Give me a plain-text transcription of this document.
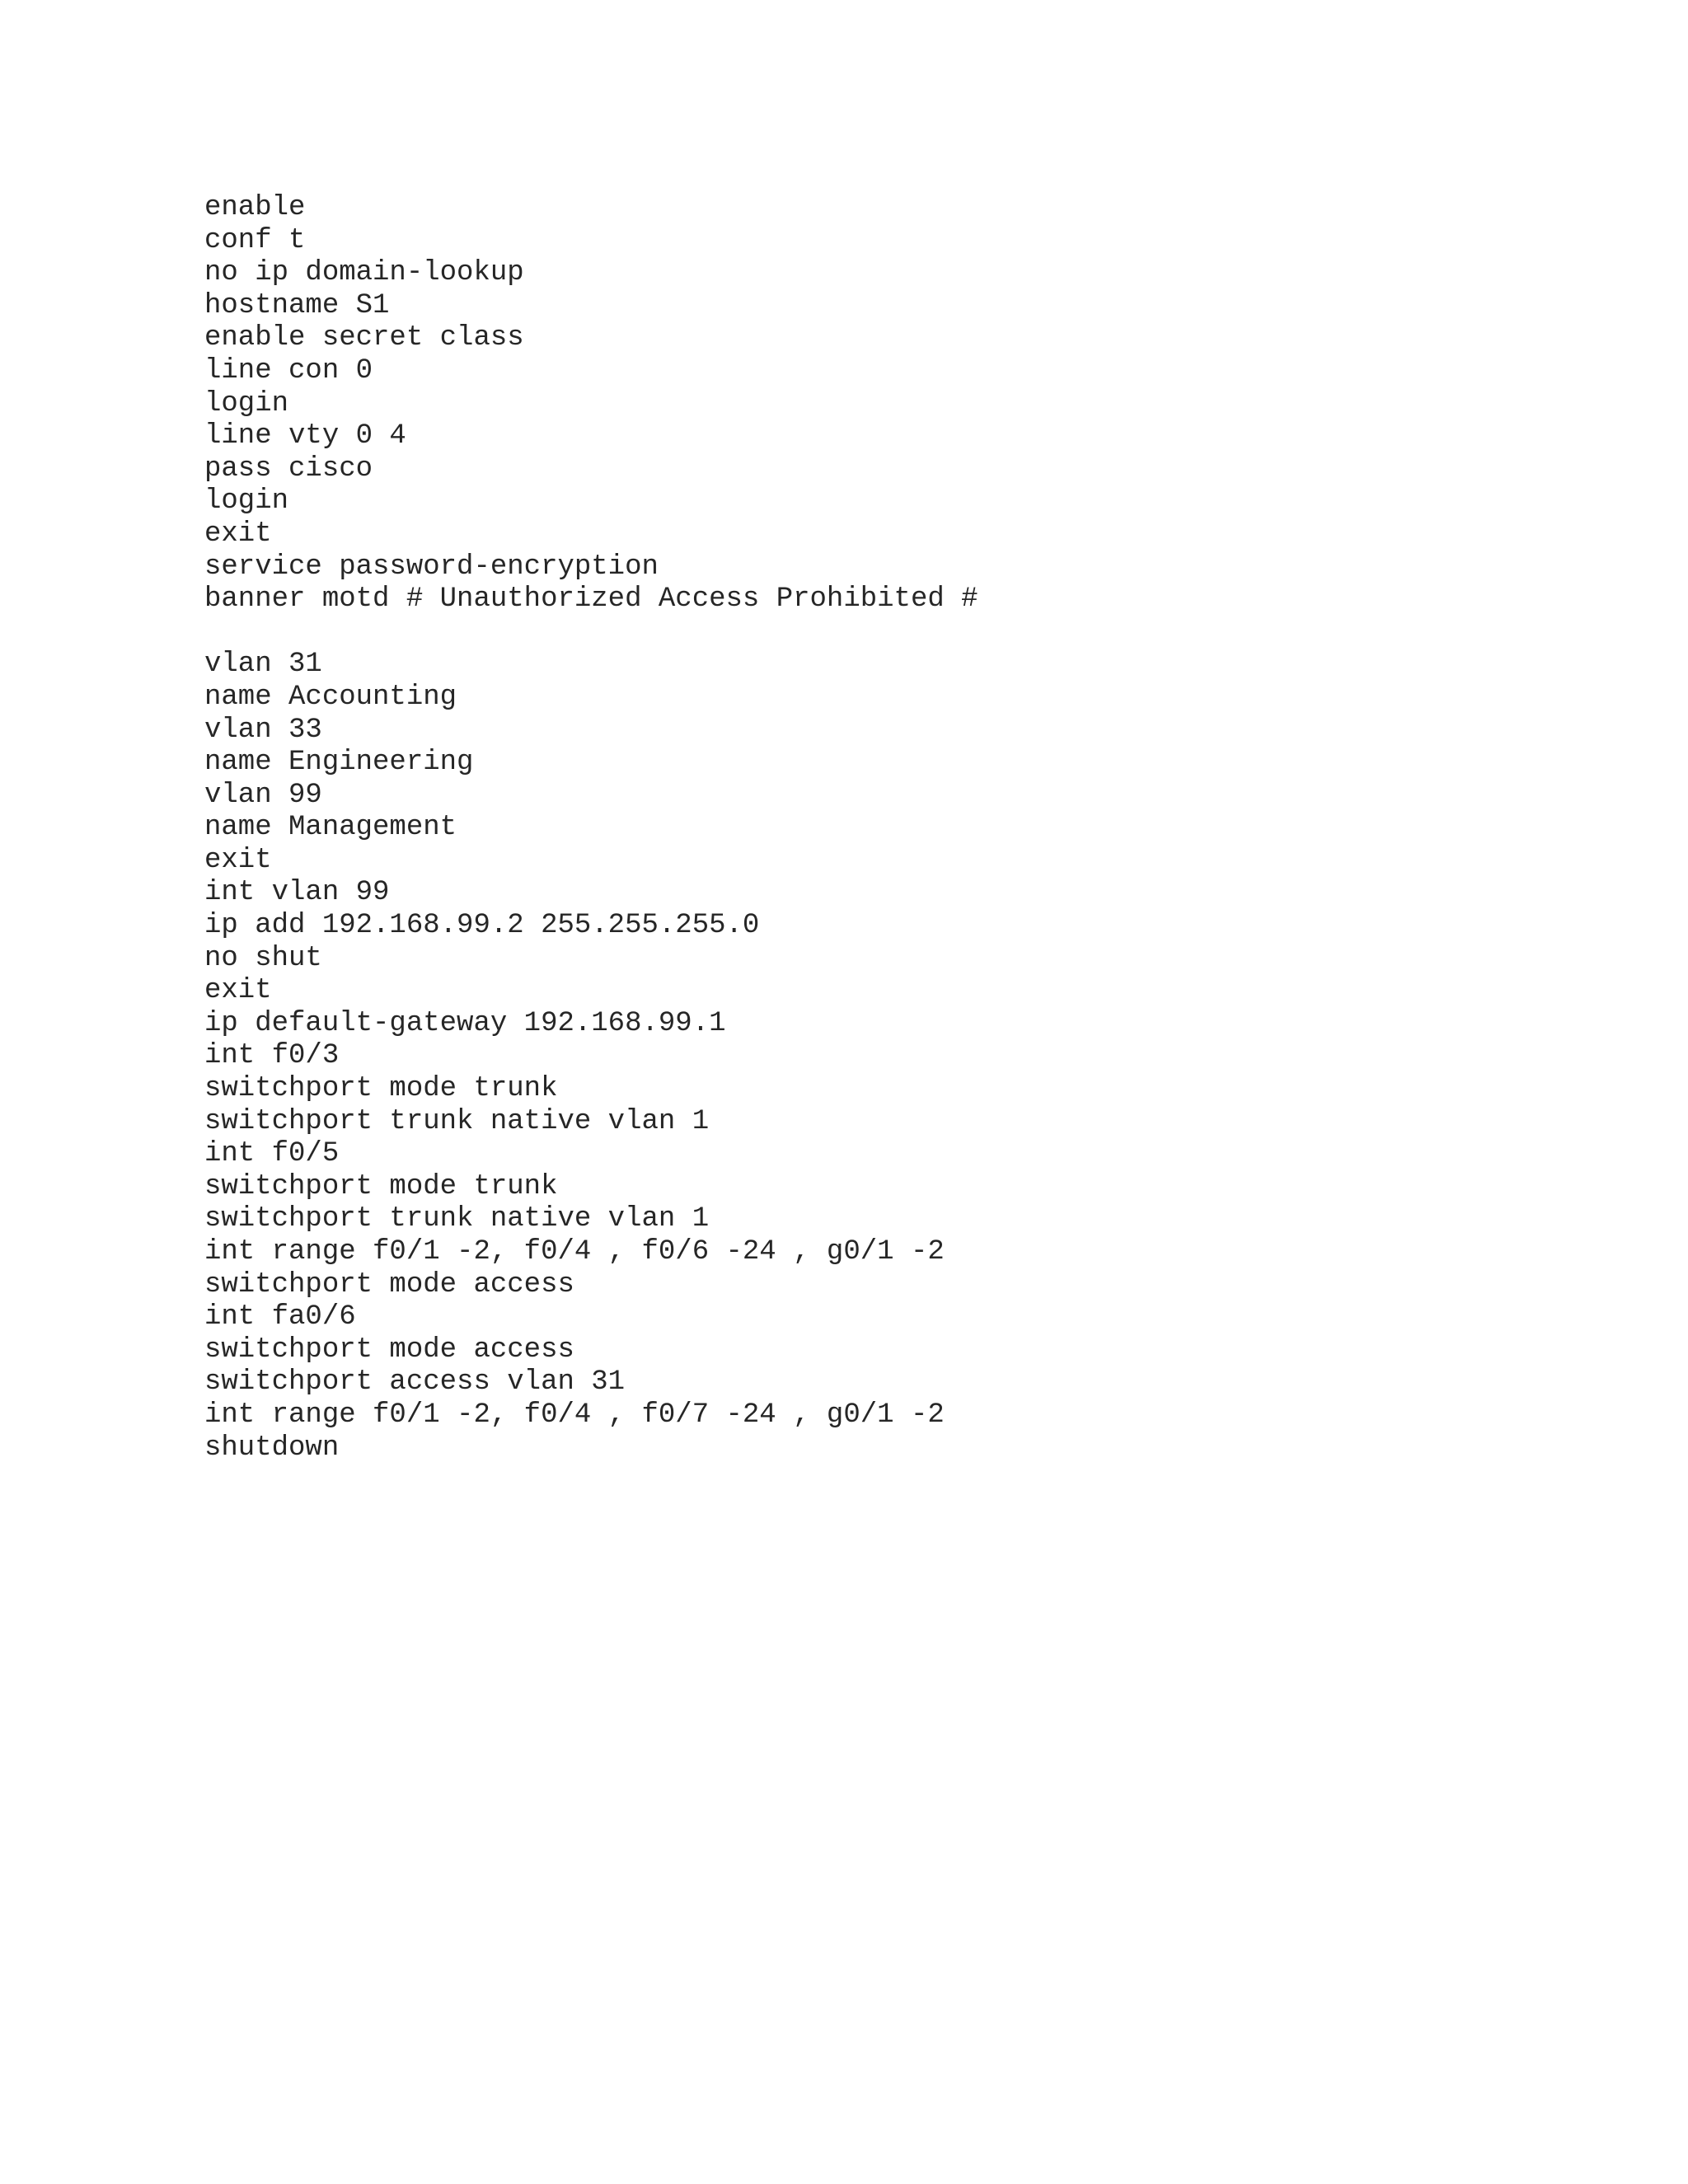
enable
conf t
no ip domain-lookup
hostname S1
enable secret class
line con 0
login
line vty 0 4
pass cisco
login
exit
service password-encryption
banner motd # Unauthorized Access Prohibited #
vlan 31
name Accounting
vlan 33
name Engineering
vlan 99
name Management
exit
int vlan 99
ip add 192.168.99.2 255.255.255.0
no shut
exit
ip default-gateway 192.168.99.1
int f0/3
switchport mode trunk
switchport trunk native vlan 1
int f0/5
switchport mode trunk
switchport trunk native vlan 1
int range f0/1 -2, f0/4 , f0/6 -24 , g0/1 -2
switchport mode access
int fa0/6
switchport mode access
switchport access vlan 31
int range f0/1 -2, f0/4 , f0/7 -24 , g0/1 -2
shutdown
